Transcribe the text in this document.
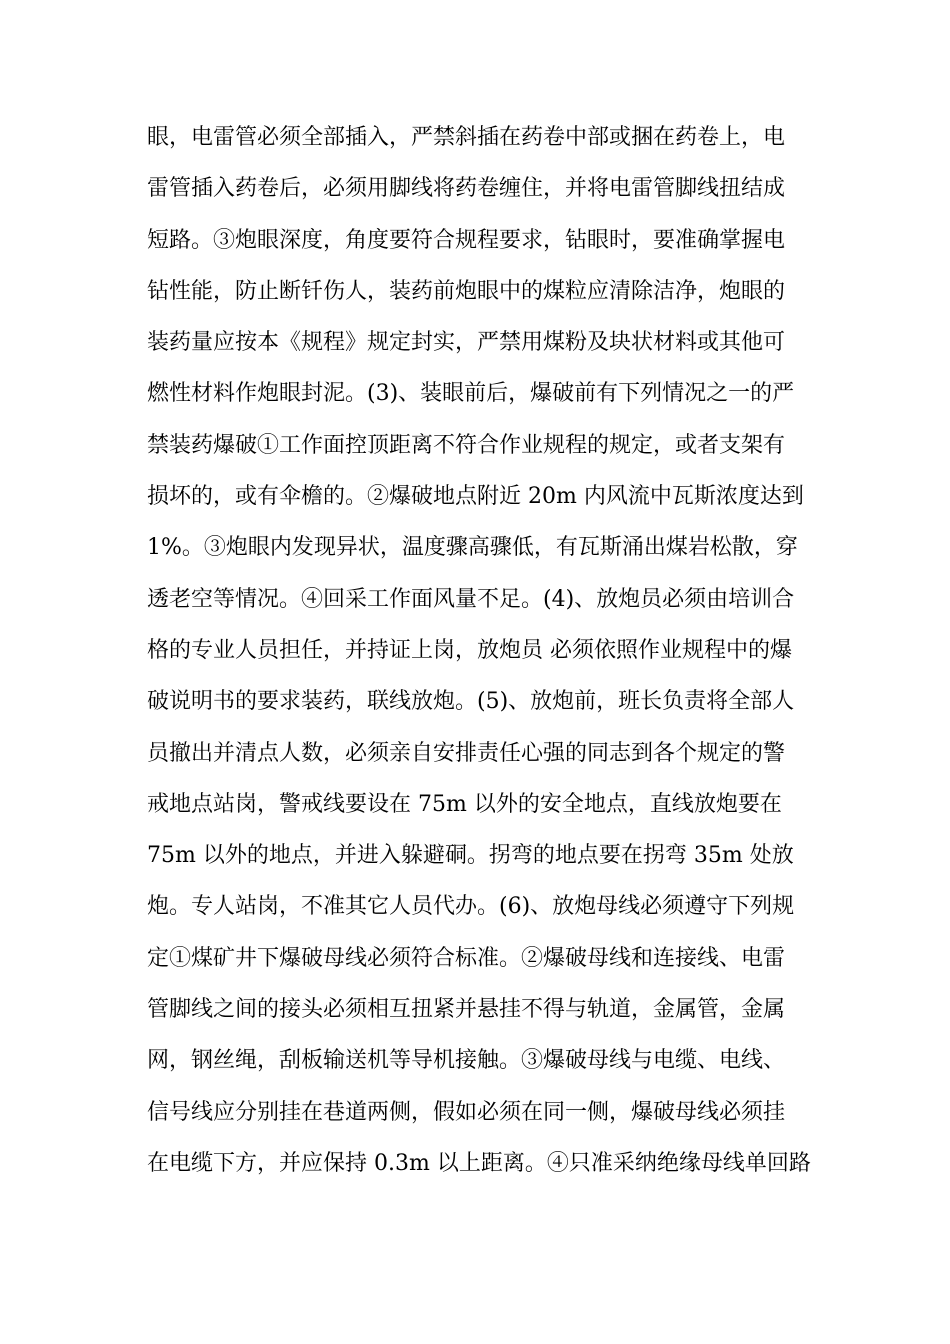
眼，电雷管必须全部插入，严禁斜插在药卷中部或捆在药卷上，电
雷管插入药卷后，必须用脚线将药卷缠住，并将电雷管脚线扭结成
短路。③炮眼深度，角度要符合规程要求，钻眼时，要准确掌握电
钻性能，防止断钎伤人，装药前炮眼中的煤粒应清除洁净，炮眼的
装药量应按本《规程》规定封实，严禁用煤粉及块状材料或其他可
燃性材料作炮眼封泥。(3)、装眼前后，爆破前有下列情况之一的严
禁装药爆破①工作面控顶距离不符合作业规程的规定，或者支架有
损坏的，或有伞檐的。②爆破地点附近 20m 内风流中瓦斯浓度达到
1%。③炮眼内发现异状，温度骤高骤低，有瓦斯涌出煤岩松散，穿
透老空等情况。④回采工作面风量不足。(4)、放炮员必须由培训合
格的专业人员担任，并持证上岗，放炮员 必须依照作业规程中的爆
破说明书的要求装药，联线放炮。(5)、放炮前，班长负责将全部人
员撤出并清点人数，必须亲自安排责任心强的同志到各个规定的警
戒地点站岗，警戒线要设在 75m 以外的安全地点，直线放炮要在
75m 以外的地点，并进入躲避硐。拐弯的地点要在拐弯 35m 处放
炮。专人站岗，不准其它人员代办。(6)、放炮母线必须遵守下列规
定①煤矿井下爆破母线必须符合标准。②爆破母线和连接线、电雷
管脚线之间的接头必须相互扭紧并悬挂不得与轨道，金属管，金属
网，钢丝绳，刮板输送机等导机接触。③爆破母线与电缆、电线、
信号线应分别挂在巷道两侧，假如必须在同一侧，爆破母线必须挂
在电缆下方，并应保持 0.3m 以上距离。④只准采纳绝缘母线单回路
